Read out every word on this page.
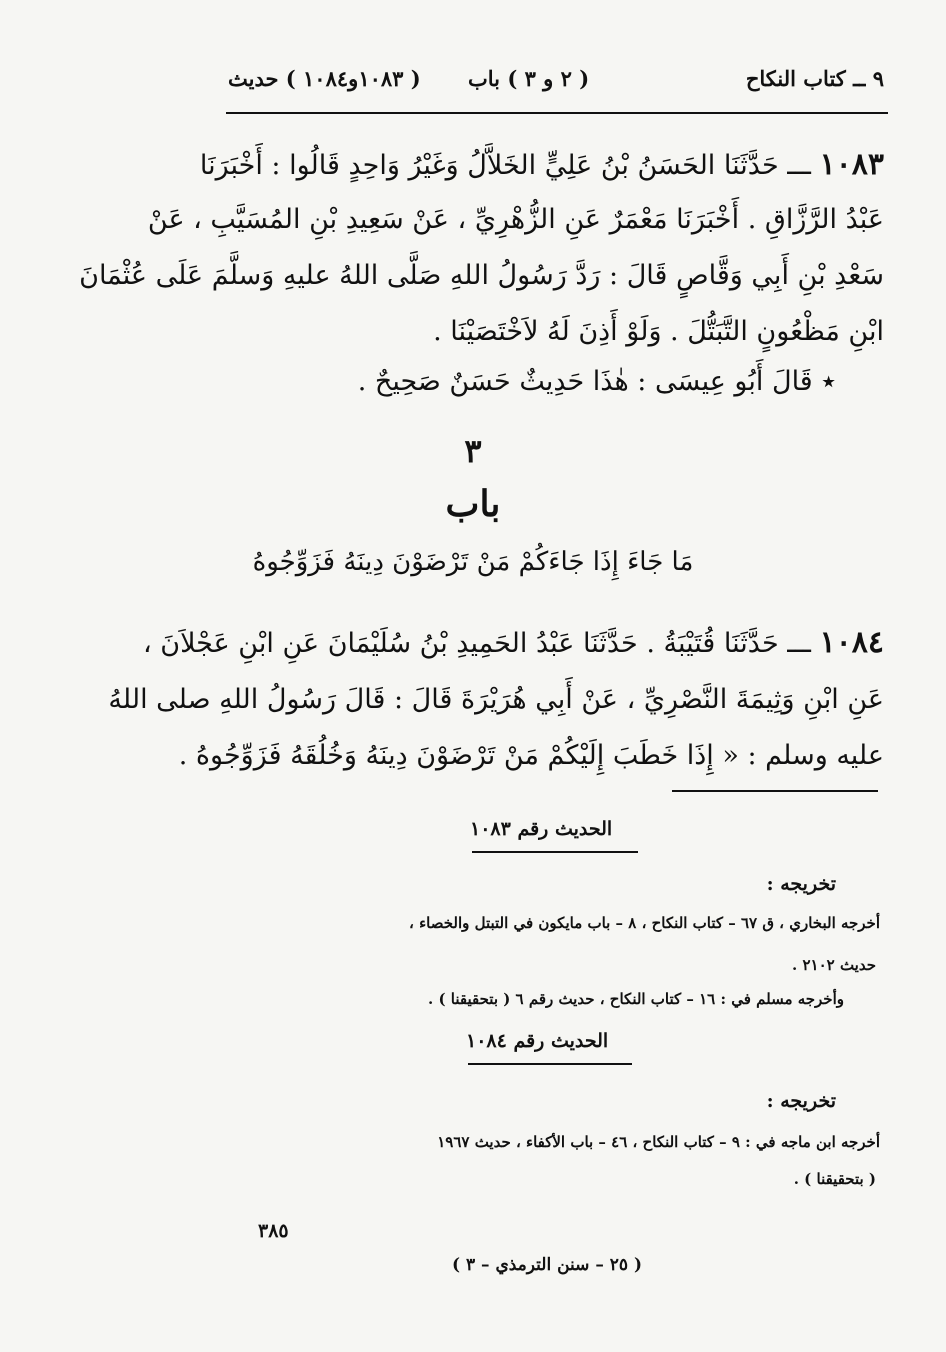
٩ ــ كتاب النكاح
( ٢ و ٣ ) باب
( ١٠٨٣و١٠٨٤ ) حديث
١٠٨٣ ـــ حَدَّثَنَا الحَسَنُ بْنُ عَلِيٍّ الخَلاَّلُ وَغَيْرُ وَاحِدٍ قَالُوا : أَخْبَرَنَا
عَبْدُ الرَّزَّاقِ . أَخْبَرَنَا مَعْمَرٌ عَنِ الزُّهْرِيِّ ، عَنْ سَعِيدِ بْنِ المُسَيَّبِ ، عَنْ
سَعْدِ بْنِ أَبِي وَقَّاصٍ قَالَ : رَدَّ رَسُولُ اللهِ صَلَّى اللهُ عليهِ وَسلَّمَ عَلَى عُثْمَانَ
ابْنِ مَظْعُونٍ التَّبَتُّلَ . وَلَوْ أَذِنَ لَهُ لاَخْتَصَيْنَا .
٭ قَالَ أَبُو عِيسَى : هٰذَا حَدِيثٌ حَسَنٌ صَحِيحٌ .
٣
باب
مَا جَاءَ إِذَا جَاءَكُمْ مَنْ تَرْضَوْنَ دِينَهُ فَزَوِّجُوهُ
١٠٨٤ ـــ حَدَّثَنَا قُتَيْبَةُ . حَدَّثَنَا عَبْدُ الحَمِيدِ بْنُ سُلَيْمَانَ عَنِ ابْنِ عَجْلاَنَ ،
عَنِ ابْنِ وَثِيمَةَ النَّصْرِيِّ ، عَنْ أَبِي هُرَيْرَةَ قَالَ : قَالَ رَسُولُ اللهِ صلى اللهُ
عليه وسلم : « إِذَا خَطَبَ إِلَيْكُمْ مَنْ تَرْضَوْنَ دِينَهُ وَخُلُقَهُ فَزَوِّجُوهُ .
الحديث رقم ١٠٨٣
تخريجه :
أخرجه البخاري ، ق ٦٧ – كتاب النكاح ، ٨ – باب مايكون في التبتل والخصاء ،
حديث ٢١٠٢ .
وأخرجه مسلم في : ١٦ – كتاب النكاح ، حديث رقم ٦ ( بتحقيقنا ) .
الحديث رقم ١٠٨٤
تخريجه :
أخرجه ابن ماجه في : ٩ – كتاب النكاح ، ٤٦ – باب الأكفاء ، حديث ١٩٦٧
( بتحقيقنا ) .
٣٨٥
( ٢٥ – سنن الترمذي – ٣ )
